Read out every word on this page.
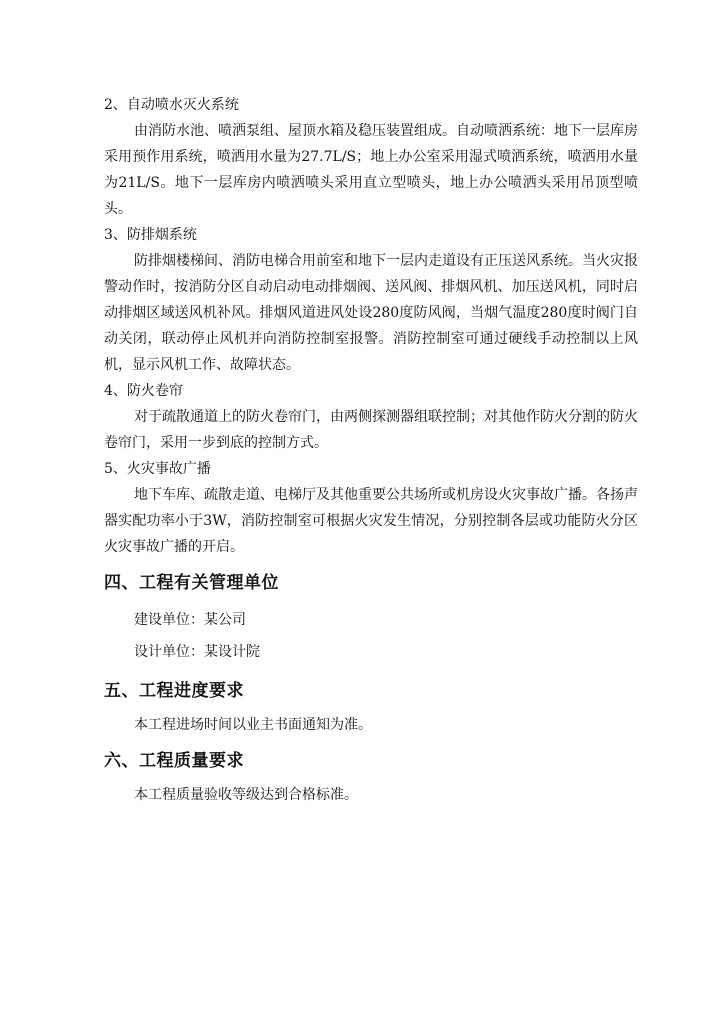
2、自动喷水灭火系统

由消防水池、喷洒泵组、屋顶水箱及稳压装置组成。自动喷洒系统：地下一层库房采用预作用系统，喷洒用水量为27.7L/S；地上办公室采用湿式喷洒系统，喷洒用水量为21L/S。地下一层库房内喷洒喷头采用直立型喷头，地上办公喷洒头采用吊顶型喷头。

3、防排烟系统

防排烟楼梯间、消防电梯合用前室和地下一层内走道设有正压送风系统。当火灾报警动作时，按消防分区自动启动电动排烟阀、送风阀、排烟风机、加压送风机，同时启动排烟区域送风机补风。排烟风道进风处设280度防风阀，当烟气温度280度时阀门自动关闭，联动停止风机并向消防控制室报警。消防控制室可通过硬线手动控制以上风机，显示风机工作、故障状态。

4、防火卷帘

对于疏散通道上的防火卷帘门，由两侧探测器组联控制；对其他作防火分割的防火卷帘门，采用一步到底的控制方式。

5、火灾事故广播

地下车库、疏散走道、电梯厅及其他重要公共场所或机房设火灾事故广播。各扬声器实配功率小于3W，消防控制室可根据火灾发生情况，分别控制各层或功能防火分区火灾事故广播的开启。

四、工程有关管理单位

建设单位：某公司

设计单位：某设计院

五、工程进度要求

本工程进场时间以业主书面通知为准。

六、工程质量要求

本工程质量验收等级达到合格标准。
